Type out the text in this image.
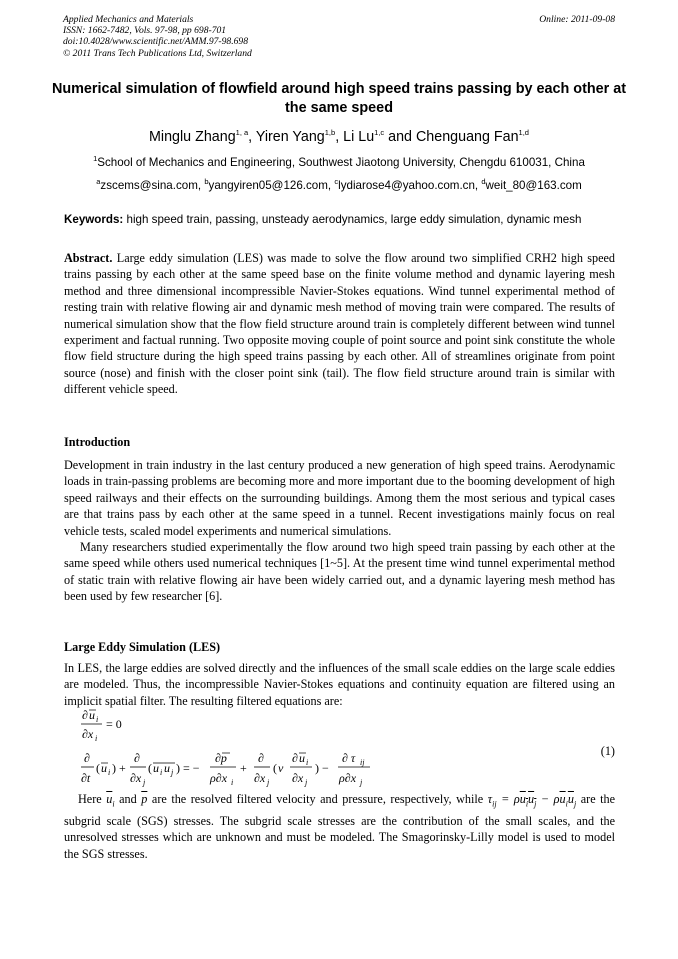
Applied Mechanics and Materials
ISSN: 1662-7482, Vols. 97-98, pp 698-701
doi:10.4028/www.scientific.net/AMM.97-98.698
© 2011 Trans Tech Publications Ltd, Switzerland
Online: 2011-09-08
Numerical simulation of flowfield around high speed trains passing by each other at the same speed
Minglu Zhang$^{1, a}$, Yiren Yang$^{1,b}$, Li Lu$^{1,c}$ and Chenguang Fan$^{1,d}$
$^1$School of Mechanics and Engineering, Southwest Jiaotong University, Chengdu 610031, China
$^a$zscems@sina.com, $^b$yangyiren05@126.com, $^c$lydiarose4@yahoo.com.cn, $^d$weit_80@163.com
Keywords: high speed train, passing, unsteady aerodynamics, large eddy simulation, dynamic mesh
Abstract. Large eddy simulation (LES) was made to solve the flow around two simplified CRH2 high speed trains passing by each other at the same speed base on the finite volume method and dynamic layering mesh method and three dimensional incompressible Navier-Stokes equations. Wind tunnel experimental method of resting train with relative flowing air and dynamic mesh method of moving train were compared. The results of numerical simulation show that the flow field structure around train is completely different between wind tunnel experiment and factual running. Two opposite moving couple of point source and point sink constitute the whole flow field structure during the high speed trains passing by each other. All of streamlines originate from point source (nose) and finish with the closer point sink (tail). The flow field structure around train is similar with different vehicle speed.
Introduction
Development in train industry in the last century produced a new generation of high speed trains. Aerodynamic loads in train-passing problems are becoming more and more important due to the booming development of high speed railways and their effects on the surrounding buildings. Among them the most serious and typical cases are that trains pass by each other at the same speed in a tunnel. Recent investigations mainly focus on real vehicle tests, scaled model experiments and numerical simulations.
Many researchers studied experimentally the flow around two high speed train passing by each other at the same speed while others used numerical techniques [1~5]. At the present time wind tunnel experimental method of static train with relative flowing air have been widely carried out, and a dynamic layering mesh method has been used by few researcher [6].
Large Eddy Simulation (LES)
In LES, the large eddies are solved directly and the influences of the small scale eddies on the large scale eddies are modeled. Thus, the incompressible Navier-Stokes equations and continuity equation are filtered using an implicit spatial filter. The resulting filtered equations are:
∂ u i
∂x i
= 0
∂
∂t
( u i ) +
∂
∂x j
( u i u j ) = −
∂p
ρ∂x i
+
∂
∂x j
( ν
∂ u i
∂x j
) −
∂ τ ij
ρ∂x j
(1)
Here $\overline{u}_i$ and $\overline{p}$ are the resolved filtered velocity and pressure, respectively, while $\tau_{ij} = \rho u_iu_j - \rho\overline{u}_i\overline{u}_j$ are the subgrid scale (SGS) stresses. The subgrid scale stresses are the contribution of the small scales, and the unresolved stresses which are unknown and must be modeled. The Smagorinsky-Lilly model is used to model the SGS stresses.
